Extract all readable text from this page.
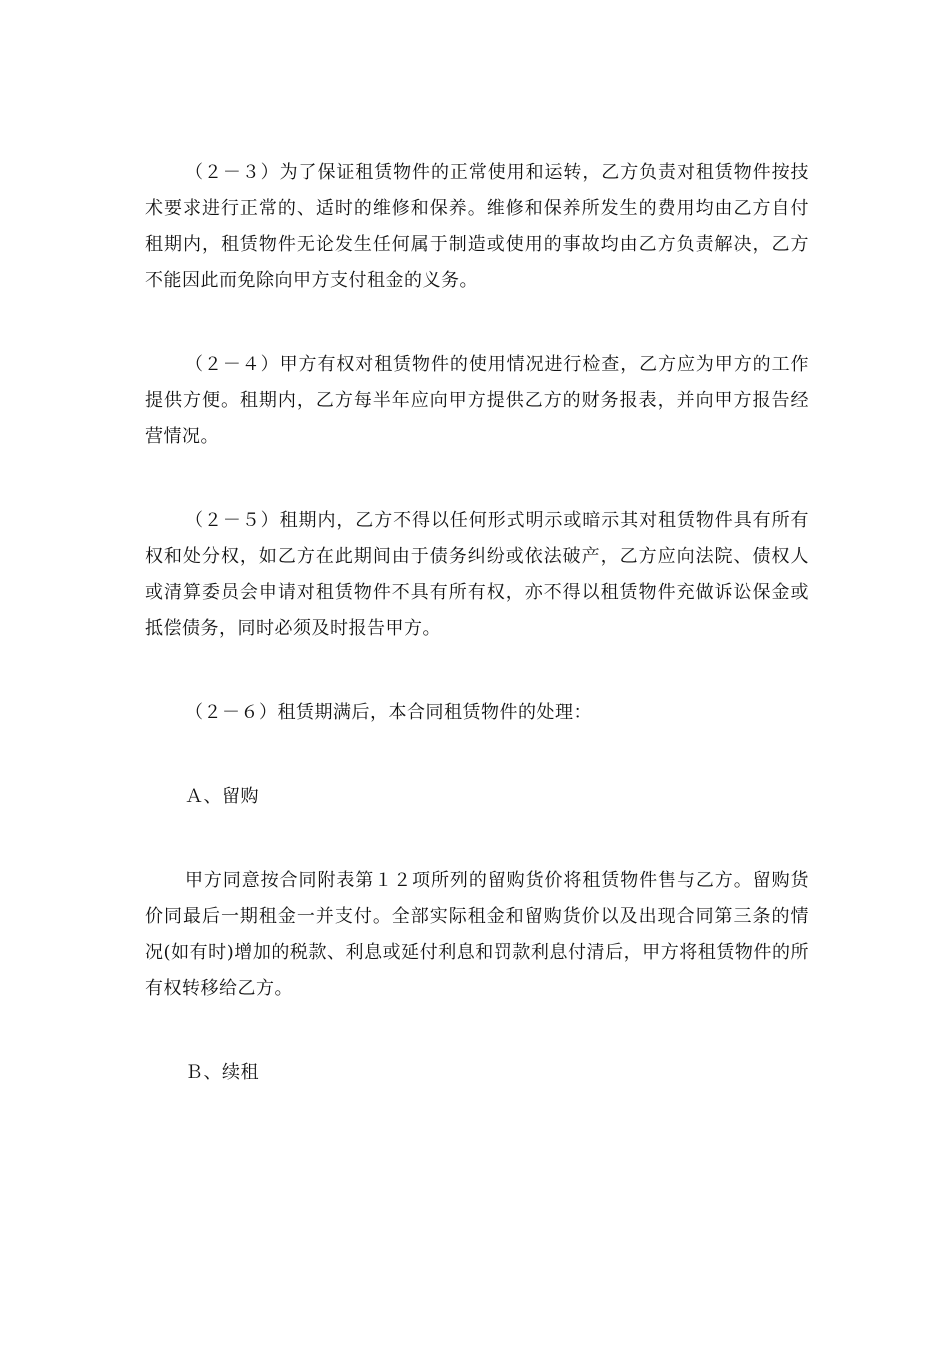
（２－３）为了保证租赁物件的正常使用和运转，乙方负责对租赁物件按技术要求进行正常的、适时的维修和保养。维修和保养所发生的费用均由乙方自付租期内，租赁物件无论发生任何属于制造或使用的事故均由乙方负责解决，乙方不能因此而免除向甲方支付租金的义务。

（２－４）甲方有权对租赁物件的使用情况进行检查，乙方应为甲方的工作提供方便。租期内，乙方每半年应向甲方提供乙方的财务报表，并向甲方报告经营情况。

（２－５）租期内，乙方不得以任何形式明示或暗示其对租赁物件具有所有权和处分权，如乙方在此期间由于债务纠纷或依法破产，乙方应向法院、债权人或清算委员会申请对租赁物件不具有所有权，亦不得以租赁物件充做诉讼保金或抵偿债务，同时必须及时报告甲方。

（２－６）租赁期满后，本合同租赁物件的处理：

Ａ、留购

甲方同意按合同附表第１２项所列的留购货价将租赁物件售与乙方。留购货价同最后一期租金一并支付。全部实际租金和留购货价以及出现合同第三条的情况(如有时)增加的税款、利息或延付利息和罚款利息付清后，甲方将租赁物件的所有权转移给乙方。

Ｂ、续租
